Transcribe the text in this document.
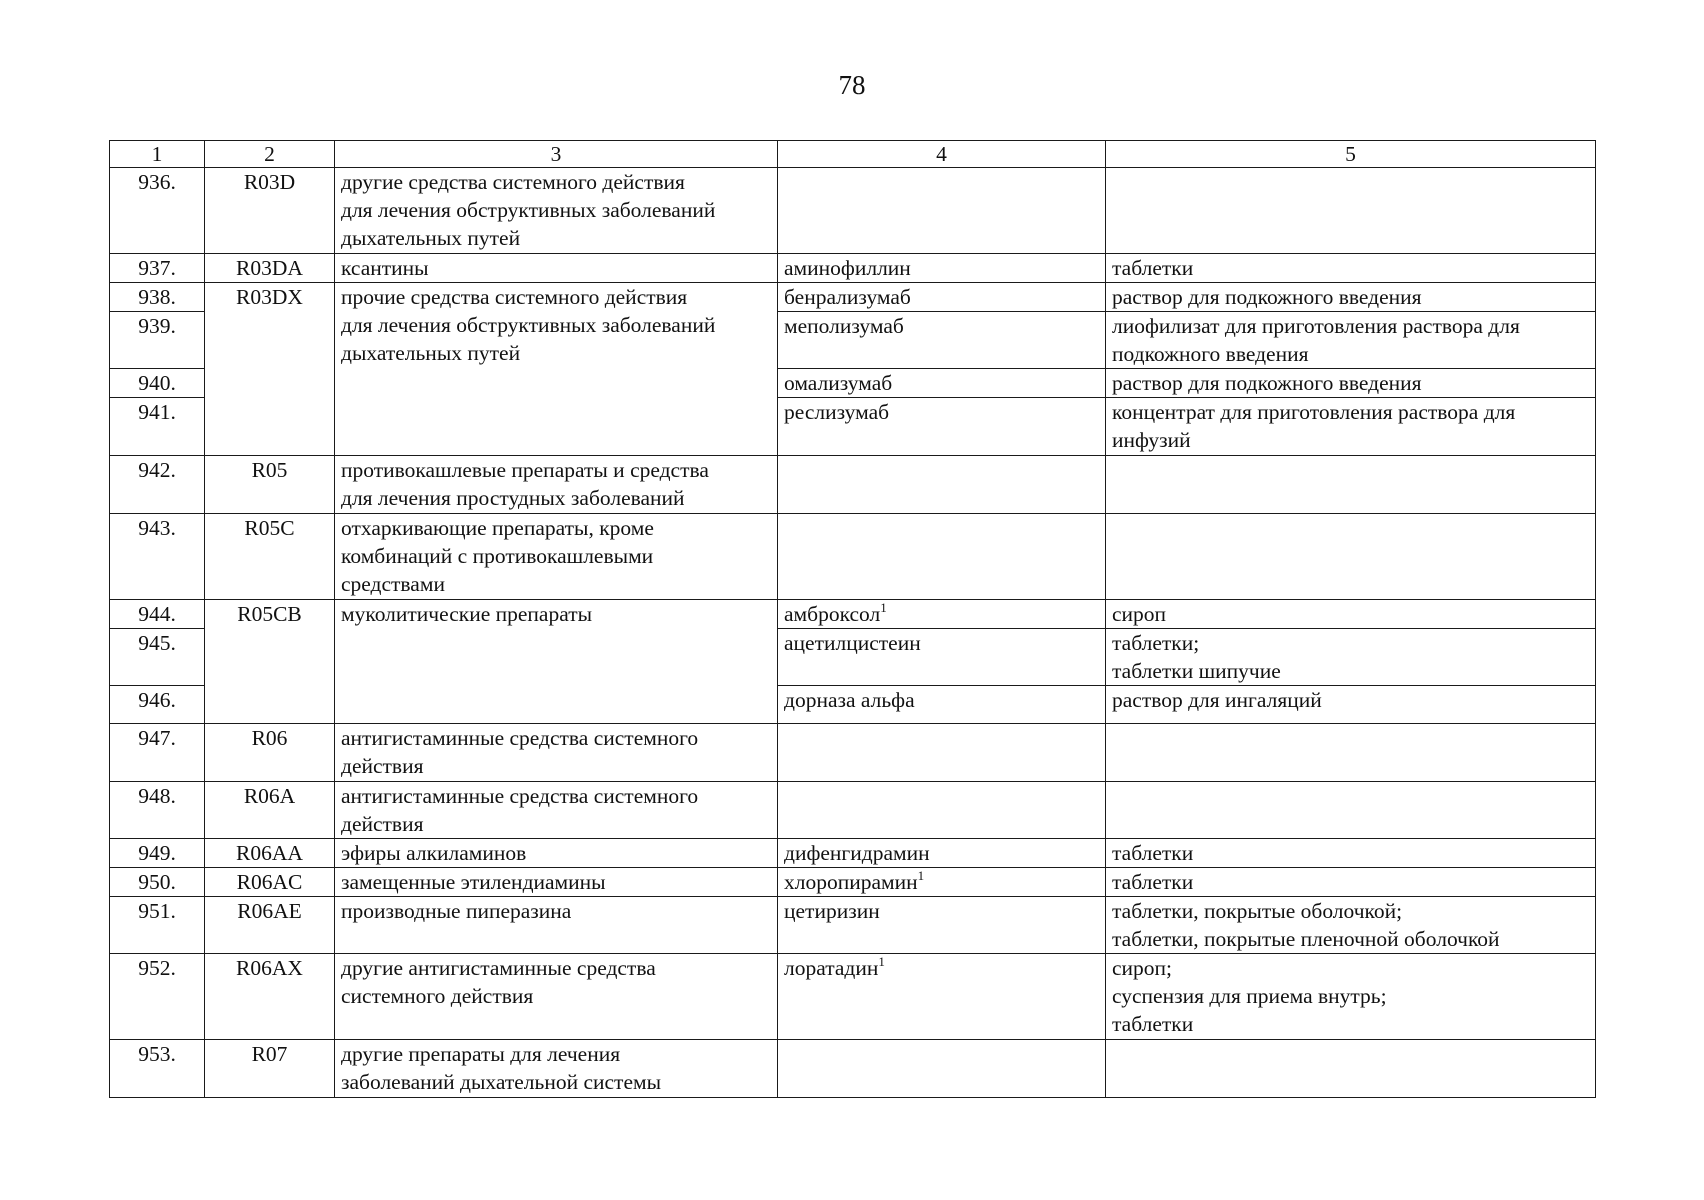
78
1	2	3	4	5
936.	R03D	другие средства системного действия
для лечения обструктивных заболеваний
дыхательных путей		

937.	R03DA	ксантины	аминофиллин	таблетки

938.	R03DX	прочие средства системного действия
для лечения обструктивных заболеваний
дыхательных путей	бенрализумаб	раствор для подкожного введения

939.			меполизумаб	лиофилизат для приготовления раствора для
подкожного введения

940.			омализумаб	раствор для подкожного введения

941.			реслизумаб	концентрат для приготовления раствора для
инфузий

942.	R05	противокашлевые препараты и средства
для лечения простудных заболеваний		

943.	R05C	отхаркивающие препараты, кроме
комбинаций с противокашлевыми
средствами		

944.	R05CB	муколитические препараты	амброксол$^1$	сироп

945.			ацетилцистеин	таблетки;
таблетки шипучие

946.			дорназа альфа	раствор для ингаляций

947.	R06	антигистаминные средства системного
действия		

948.	R06A	антигистаминные средства системного
действия		

949.	R06AA	эфиры алкиламинов	дифенгидрамин	таблетки

950.	R06AC	замещенные этилендиамины	хлоропирамин$^1$	таблетки

951.	R06AE	производные пиперазина	цетиризин	таблетки, покрытые оболочкой;
таблетки, покрытые пленочной оболочкой

952.	R06AX	другие антигистаминные средства
системного действия	лоратадин$^1$	сироп;
суспензия для приема внутрь;
таблетки

953.	R07	другие препараты для лечения
заболеваний дыхательной системы		
